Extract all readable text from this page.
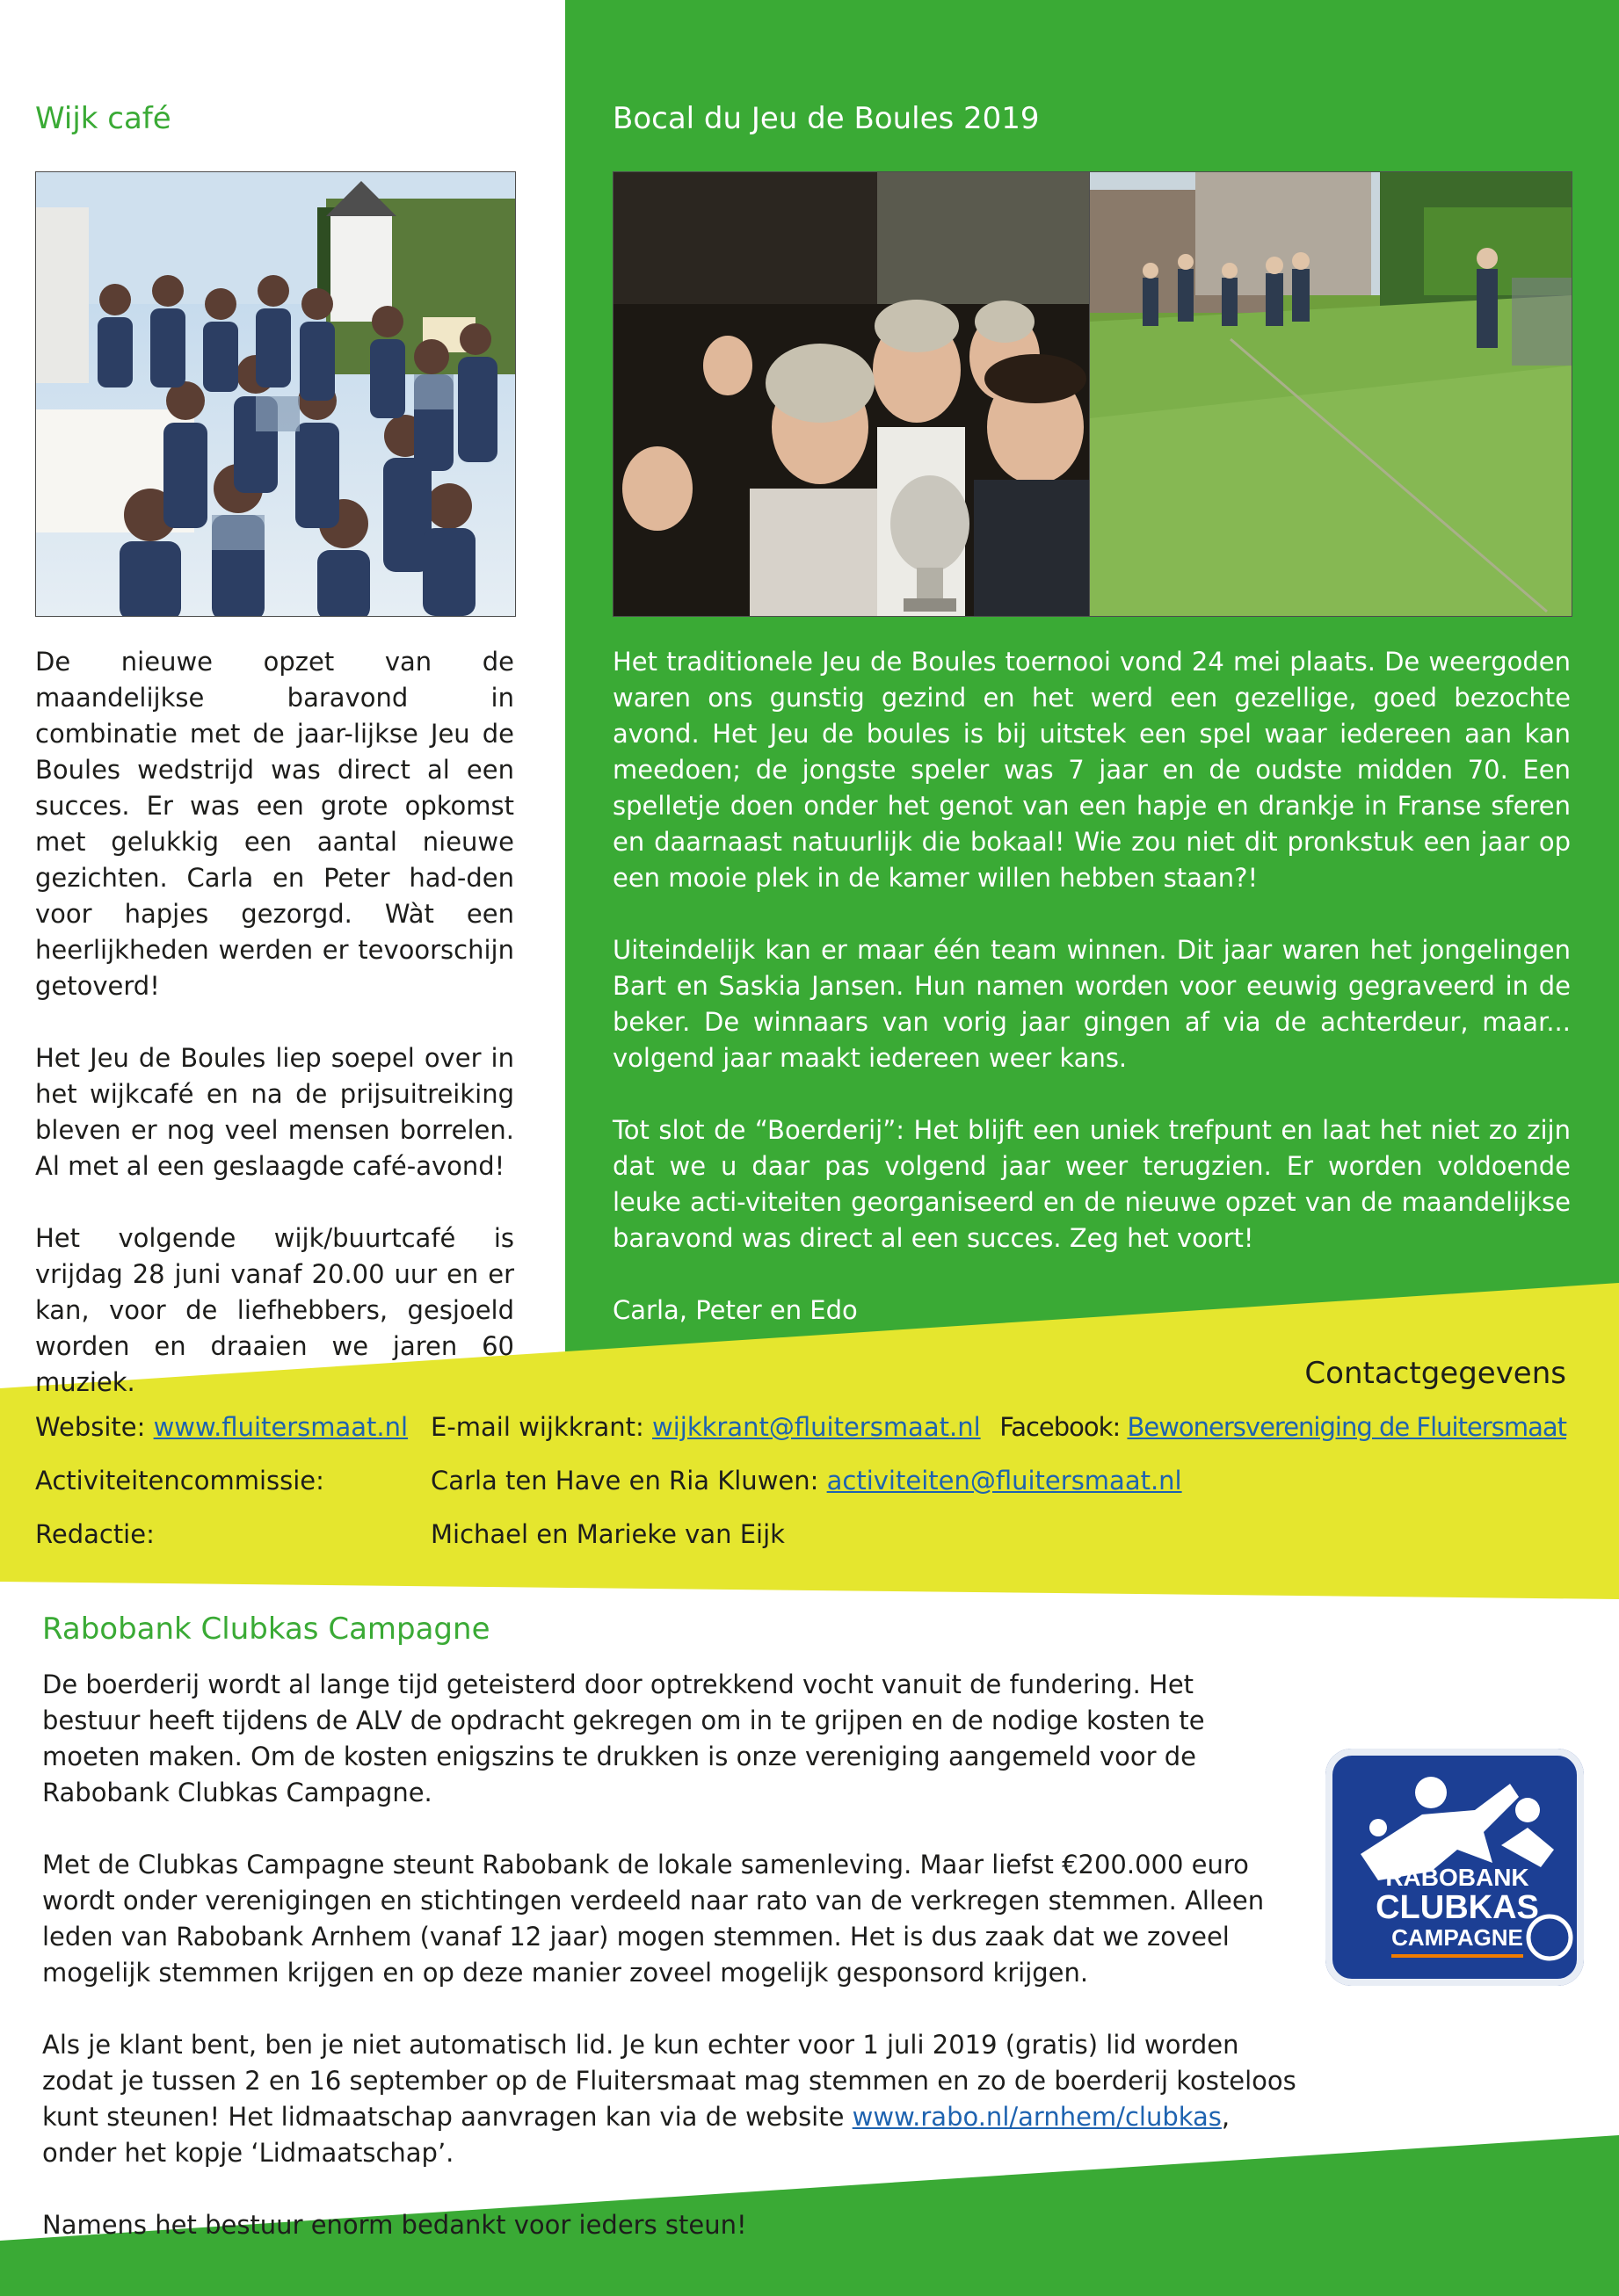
Wijk café

De nieuwe opzet van de maandelijkse baravond in combinatie met de jaar-lijkse Jeu de Boules wedstrijd was direct al een succes. Er was een grote opkomst met gelukkig een aantal nieuwe gezichten. Carla en Peter had-den voor hapjes gezorgd. Wàt een heerlijkheden werden er tevoorschijn getoverd!

Het Jeu de Boules liep soepel over in het wijkcafé en na de prijsuitreiking bleven er nog veel mensen borrelen. Al met al een geslaagde café-avond!

Het volgende wijk/buurtcafé is vrijdag 28 juni vanaf 20.00 uur en er kan, voor de liefhebbers, gesjoeld worden en draaien we jaren 60 muziek.

Bocal du Jeu de Boules 2019

Het traditionele Jeu de Boules toernooi vond 24 mei plaats. De weergoden waren ons gunstig gezind en het werd een gezellige, goed bezochte avond. Het Jeu de boules is bij uitstek een spel waar iedereen aan kan meedoen; de jongste speler was 7 jaar en de oudste midden 70. Een spelletje doen onder het genot van een hapje en drankje in Franse sferen en daarnaast natuurlijk die bokaal! Wie zou niet dit pronkstuk een jaar op een mooie plek in de kamer willen hebben staan?!

Uiteindelijk kan er maar één team winnen. Dit jaar waren het jongelingen Bart en Saskia Jansen. Hun namen worden voor eeuwig gegraveerd in de beker. De winnaars van vorig jaar gingen af via de achterdeur, maar... volgend jaar maakt iedereen weer kans.

Tot slot de “Boerderij”: Het blijft een uniek trefpunt en laat het niet zo zijn dat we u daar pas volgend jaar weer terugzien. Er worden voldoende leuke acti-viteiten georganiseerd en de nieuwe opzet van de maandelijkse baravond was direct al een succes. Zeg het voort!

Carla, Peter en Edo

Contactgegevens
Website: www.fluitersmaat.nl E-mail wijkkrant: wijkkrant@fluitersmaat.nl Facebook: Bewonersvereniging de Fluitersmaat
Activiteitencommissie:	Carla ten Have en Ria Kluwen: activiteiten@fluitersmaat.nl
Redactie:	Michael en Marieke van Eijk
Rabobank Clubkas Campagne

De boerderij wordt al lange tijd geteisterd door optrekkend vocht vanuit de fundering. Het bestuur heeft tijdens de ALV de opdracht gekregen om in te grijpen en de nodige kosten te moeten maken. Om de kosten enigszins te drukken is onze vereniging aangemeld voor de Rabobank Clubkas Campagne.

Met de Clubkas Campagne steunt Rabobank de lokale samenleving. Maar liefst €200.000 euro wordt onder verenigingen en stichtingen verdeeld naar rato van de verkregen stemmen. Alleen leden van Rabobank Arnhem (vanaf 12 jaar) mogen stemmen. Het is dus zaak dat we zoveel mogelijk stemmen krijgen en op deze manier zoveel mogelijk gesponsord krijgen.

Als je klant bent, ben je niet automatisch lid. Je kun echter voor 1 juli 2019 (gratis) lid worden zodat je tussen 2 en 16 september op de Fluitersmaat mag stemmen en zo de boerderij kosteloos kunt steunen! Het lidmaatschap aanvragen kan via de website www.rabo.nl/arnhem/clubkas, onder het kopje ‘Lidmaatschap’.

Namens het bestuur enorm bedankt voor ieders steun!

RABOBANK
CLUBKAS
CAMPAGNE
